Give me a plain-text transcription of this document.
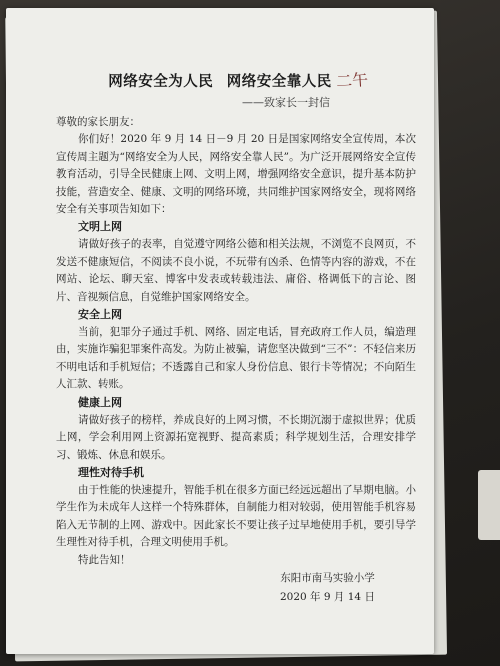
网络安全为人民 网络安全靠人民 二午
——致家长一封信

尊敬的家长朋友：

你们好！2020 年 9 月 14 日－9 月 20 日是国家网络安全宣传周，本次宣传周主题为“网络安全为人民，网络安全靠人民”。为广泛开展网络安全宣传教育活动，引导全民健康上网、文明上网，增强网络安全意识，提升基本防护技能，营造安全、健康、文明的网络环境，共同维护国家网络安全，现将网络安全有关事项告知如下：

文明上网

请做好孩子的表率，自觉遵守网络公德和相关法规，不浏览不良网页，不发送不健康短信，不阅读不良小说，不玩带有凶杀、色情等内容的游戏，不在网站、论坛、聊天室、博客中发表或转载违法、庸俗、格调低下的言论、图片、音视频信息，自觉维护国家网络安全。

安全上网

当前，犯罪分子通过手机、网络、固定电话，冒充政府工作人员，编造理由，实施诈骗犯罪案件高发。为防止被骗，请您坚决做到“三不”：不轻信来历不明电话和手机短信；不透露自己和家人身份信息、银行卡等情况；不向陌生人汇款、转账。

健康上网

请做好孩子的榜样，养成良好的上网习惯，不长期沉溺于虚拟世界；优质上网，学会利用网上资源拓宽视野、提高素质；科学规划生活，合理安排学习、锻炼、休息和娱乐。

理性对待手机

由于性能的快速提升，智能手机在很多方面已经远远超出了早期电脑。小学生作为未成年人这样一个特殊群体，自制能力相对较弱，使用智能手机容易陷入无节制的上网、游戏中。因此家长不要让孩子过早地使用手机，要引导学生理性对待手机，合理文明使用手机。

特此告知！

东阳市南马实验小学
2020 年 9 月 14 日
